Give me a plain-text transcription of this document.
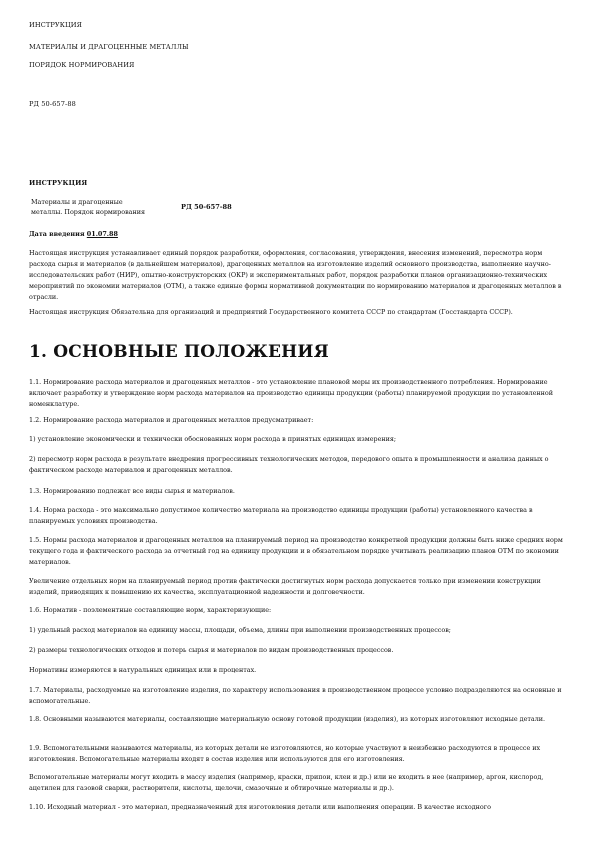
ИНСТРУКЦИЯ
МАТЕРИАЛЫ И ДРАГОЦЕННЫЕ МЕТАЛЛЫ
ПОРЯДОК НОРМИРОВАНИЯ
РД 50-657-88
ИНСТРУКЦИЯ
Материалы и драгоценные
металлы. Порядок нормирования
РД 50-657-88
Дата введения 01.07.88

Настоящая инструкция устанавливает единый порядок разработки, оформления, согласования, утверждения, внесения изменений, пересмотра норм расхода сырья и материалов (в дальнейшем материалов), драгоценных металлов на изготовление изделий основного производства, выполнение научно-исследовательских работ (НИР), опытно-конструкторских (ОКР) и экспериментальных работ, порядок разработки планов организационно-технических мероприятий по экономии материалов (ОТМ), а также единые формы нормативной документации по нормированию материалов и драгоценных металлов в отрасли.

Настоящая инструкция Обязательна для организаций и предприятий Государственного комитета СССР по стандартам (Госстандарта СССР).

1. ОСНОВНЫЕ ПОЛОЖЕНИЯ

1.1. Нормирование расхода материалов и драгоценных металлов - это установление плановой меры их производственного потребления. Нормирование включает разработку и утверждение норм расхода материалов на производство единицы продукции (работы) планируемой продукции по установленной номенклатуре.

1.2. Нормирование расхода материалов и драгоценных металлов предусматривает:

1) установление экономически и технически обоснованных норм расхода в принятых единицах измерения;

2) пересмотр норм расхода в результате внедрения прогрессивных технологических методов, передового опыта в промышленности и анализа данных о фактическом расходе материалов и драгоценных металлов.

1.3. Нормированию подлежат все виды сырья и материалов.

1.4. Норма расхода - это максимально допустимое количество материала на производство единицы продукции (работы) установленного качества в планируемых условиях производства.

1.5. Нормы расхода материалов и драгоценных металлов на планируемый период на производство конкретной продукции должны быть ниже средних норм текущего года и фактического расхода за отчетный год на единицу продукции и в обязательном порядке учитывать реализацию планов ОТМ по экономии материалов.

Увеличение отдельных норм на планируемый период против фактически достигнутых норм расхода допускается только при изменении конструкции изделий, приводящих к повышению их качества, эксплуатационной надежности и долговечности.

1.6. Норматив - поэлементные составляющие норм, характеризующие:

1) удельный расход материалов на единицу массы, площади, объема, длины при выполнении производственных процессов;

2) размеры технологических отходов и потерь сырья и материалов по видам производственных процессов.

Нормативы измеряются в натуральных единицах или в процентах.

1.7. Материалы, расходуемые на изготовление изделия, по характеру использования в производственном процессе условно подразделяются на основные и вспомогательные.

1.8. Основными называются материалы, составляющие материальную основу готовой продукции (изделия), из которых изготовляют исходные детали.

1.9. Вспомогательными называются материалы, из которых детали не изготовляются, но которые участвуют в неизбежно расходуются в процессе их изготовления. Вспомогательные материалы входят в состав изделия или используются для его изготовления.

Вспомогательные материалы могут входить в массу изделия (например, краски, припои, клеи и др.) или не входить в нее (например, аргон, кислород, ацетилен для газовой сварки, растворители, кислоты, щелочи, смазочные и обтирочные материалы и др.).

1.10. Исходный материал - это материал, предназначенный для изготовления детали или выполнения операции. В качестве исходного
